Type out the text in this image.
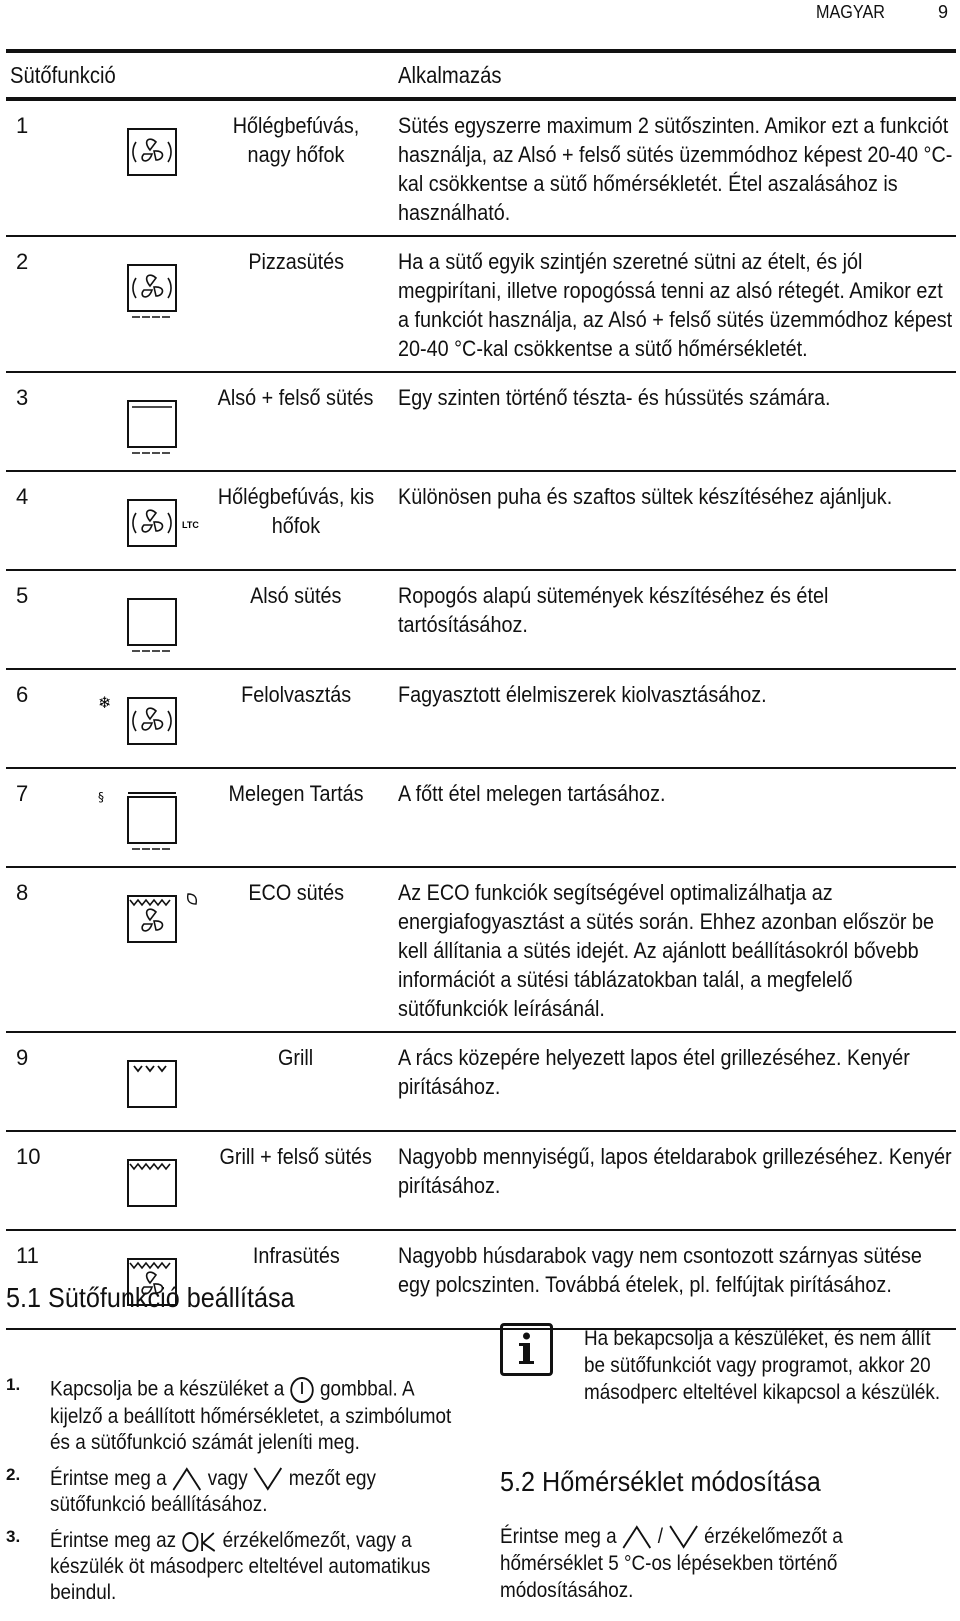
MAGYAR	9
Sütőfunkció			Alkalmazás
1		Hőlégbefúvás, nagy hőfok	Sütés egyszerre maximum 2 sütőszinten. Amikor ezt a funkciót használja, az Alsó + felső sütés üzemmódhoz képest 20-40 °C-kal csökkentse a sütő hőmérsékletét. Étel aszalásához is használható.
2		Pizzasütés	Ha a sütő egyik szintjén szeretné sütni az ételt, és jól megpirítani, illetve ropogóssá tenni az alsó rétegét. Amikor ezt a funkciót használja, az Alsó + felső sütés üzemmódhoz képest 20-40 °C-kal csökkentse a sütő hőmérsékletét.
3		Alsó + felső sütés	Egy szinten történő tészta- és hússütés számára.
4	LTC	Hőlégbefúvás, kis hőfok	Különösen puha és szaftos sültek készítéséhez ajánljuk.
5		Alsó sütés	Ropogós alapú sütemények készítéséhez és étel tartósításához.
6	❄	Felolvasztás	Fagyasztott élelmiszerek kiolvasztásához.
7	§	Melegen Tartás	A főtt étel melegen tartásához.
8		ECO sütés	Az ECO funkciók segítségével optimalizálhatja az energiafogyasztást a sütés során. Ehhez azonban először be kell állítania a sütés idejét. Az ajánlott beállításokról bővebb információt a sütési táblázatokban talál, a megfelelő sütőfunkciók leírásánál.
9		Grill	A rács közepére helyezett lapos étel grillezéséhez. Kenyér pirításához.
10		Grill + felső sütés	Nagyobb mennyiségű, lapos ételdarabok grillezéséhez. Kenyér pirításához.
11		Infrasütés	Nagyobb húsdarabok vagy nem csontozott szárnyas sütése egy polcszinten. Továbbá ételek, pl. felfújtak pirításához.
5.1 Sütőfunkció beállítása
1. Kapcsolja be a készüléket a gombbal. A kijelző a beállított hőmérsékletet, a szimbólumot és a sütőfunkció számát jeleníti meg.
2. Érintse meg a vagy mezőt egy sütőfunkció beállításához.
3. Érintse meg az érzékelőmezőt, vagy a készülék öt másodperc elteltével automatikus beindul.
Ha bekapcsolja a készüléket, és nem állít be sütőfunkciót vagy programot, akkor 20 másodperc elteltével kikapcsol a készülék.
5.2 Hőmérséklet módosítása
Érintse meg a / érzékelőmezőt a hőmérséklet 5 °C-os lépésekben történő módosításához.
